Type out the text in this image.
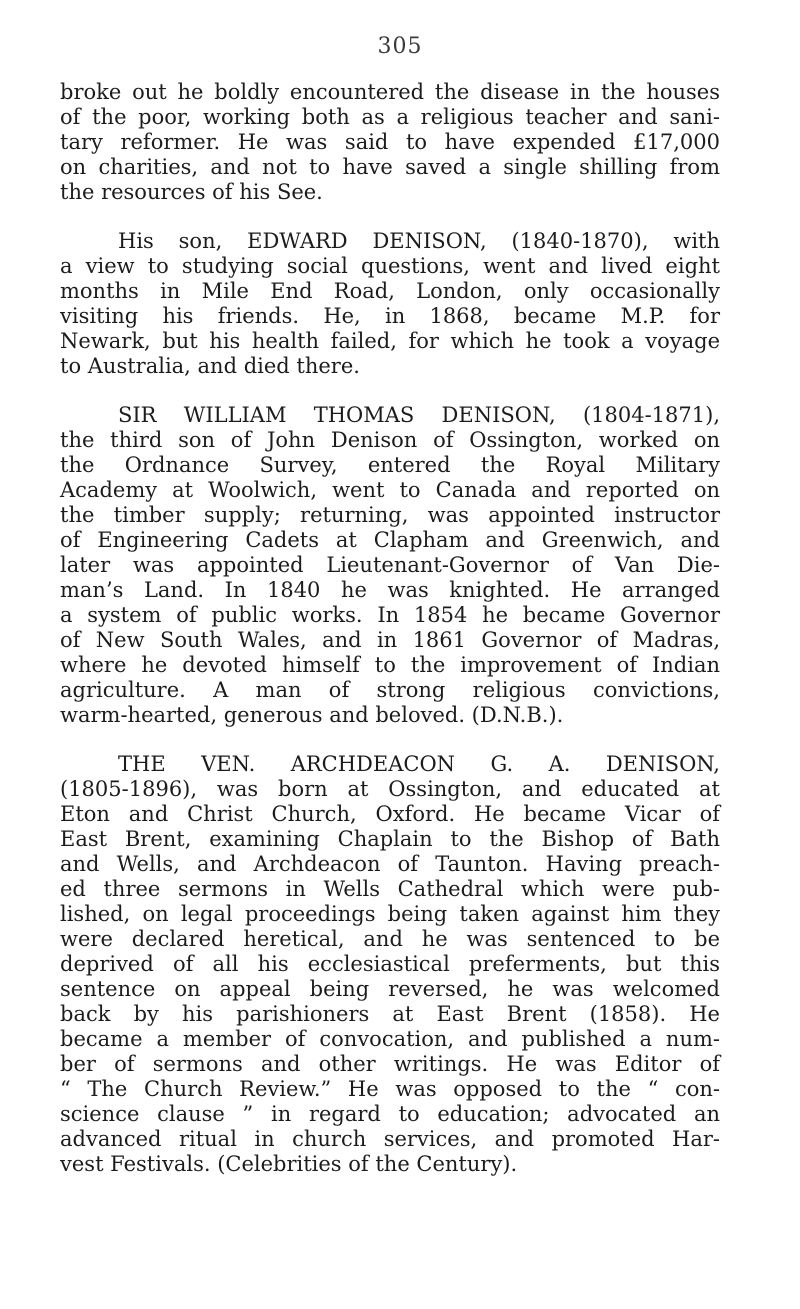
305
broke out he boldly encountered the disease in the houses
of the poor, working both as a religious teacher and sani-
tary reformer. He was said to have expended £17,000
on charities, and not to have saved a single shilling from
the resources of his See.
His son, EDWARD DENISON, (1840-1870), with
a view to studying social questions, went and lived eight
months in Mile End Road, London, only occasionally
visiting his friends. He, in 1868, became M.P. for
Newark, but his health failed, for which he took a voyage
to Australia, and died there.
SIR WILLIAM THOMAS DENISON, (1804-1871),
the third son of John Denison of Ossington, worked on
the Ordnance Survey, entered the Royal Military
Academy at Woolwich, went to Canada and reported on
the timber supply; returning, was appointed instructor
of Engineering Cadets at Clapham and Greenwich, and
later was appointed Lieutenant-Governor of Van Die-
man’s Land. In 1840 he was knighted. He arranged
a system of public works. In 1854 he became Governor
of New South Wales, and in 1861 Governor of Madras,
where he devoted himself to the improvement of Indian
agriculture. A man of strong religious convictions,
warm-hearted, generous and beloved. (D.N.B.).
THE VEN. ARCHDEACON G. A. DENISON,
(1805-1896), was born at Ossington, and educated at
Eton and Christ Church, Oxford. He became Vicar of
East Brent, examining Chaplain to the Bishop of Bath
and Wells, and Archdeacon of Taunton. Having preach-
ed three sermons in Wells Cathedral which were pub-
lished, on legal proceedings being taken against him they
were declared heretical, and he was sentenced to be
deprived of all his ecclesiastical preferments, but this
sentence on appeal being reversed, he was welcomed
back by his parishioners at East Brent (1858). He
became a member of convocation, and published a num-
ber of sermons and other writings. He was Editor of
“ The Church Review.” He was opposed to the “ con-
science clause ” in regard to education; advocated an
advanced ritual in church services, and promoted Har-
vest Festivals. (Celebrities of the Century).
